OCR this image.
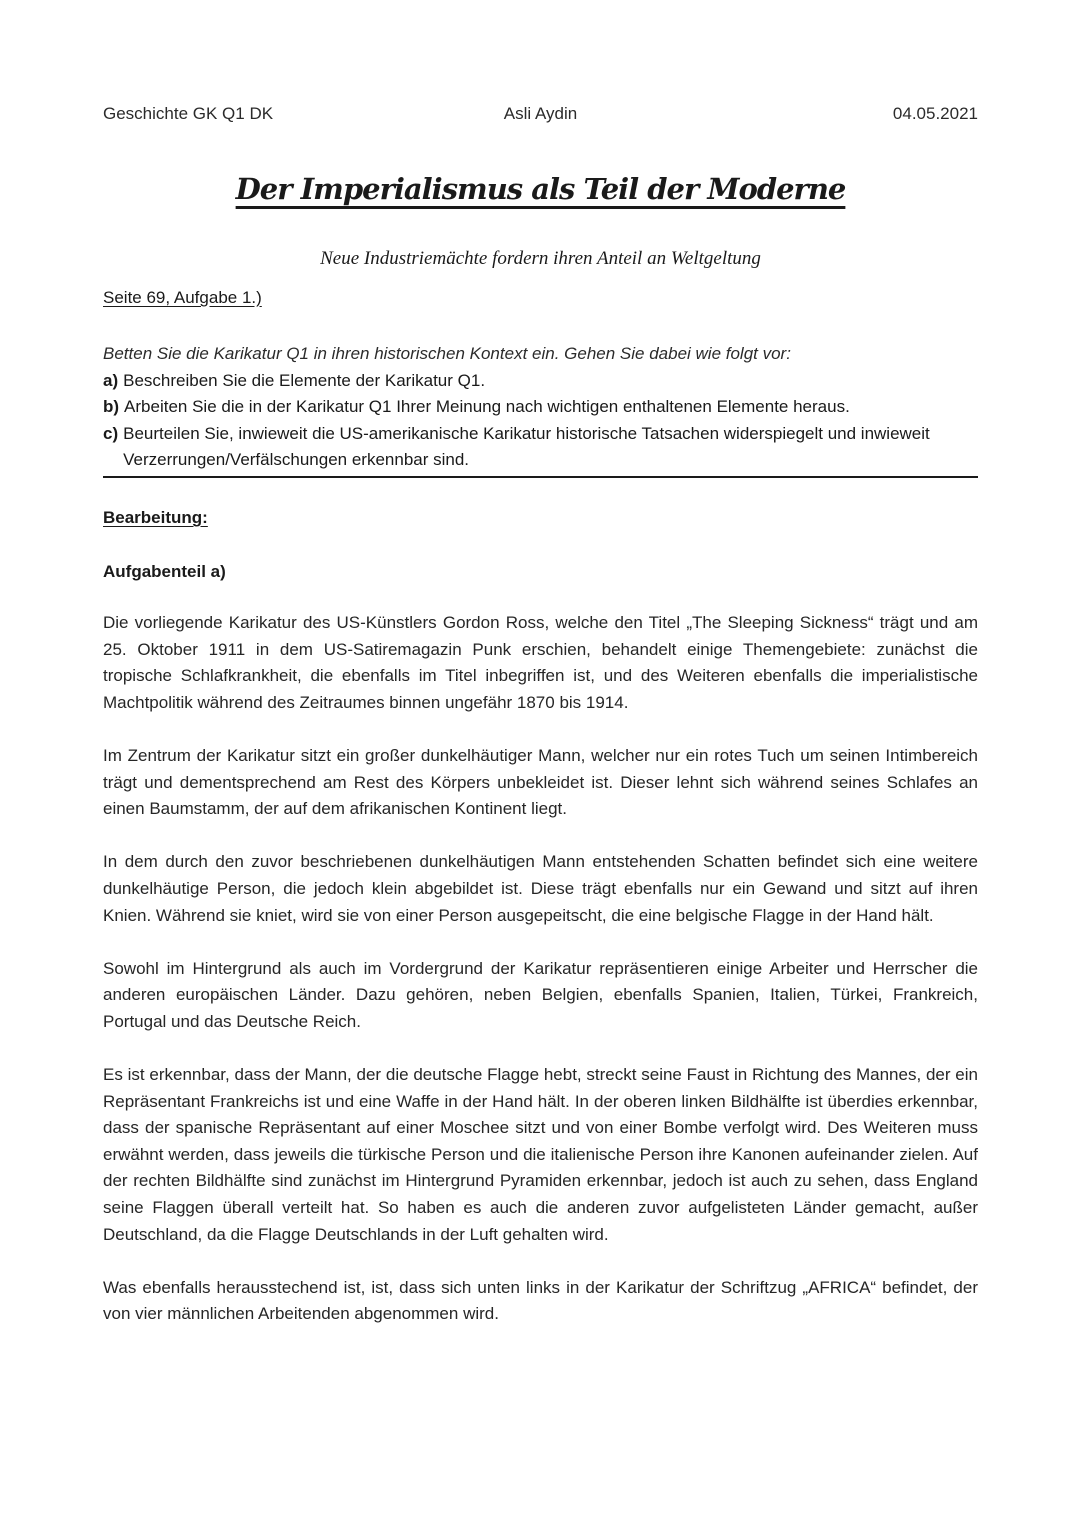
Geschichte GK Q1 DK	Asli Aydin	04.05.2021
Der Imperialismus als Teil der Moderne
Neue Industriemächte fordern ihren Anteil an Weltgeltung
Seite 69, Aufgabe 1.)
Betten Sie die Karikatur Q1 in ihren historischen Kontext ein. Gehen Sie dabei wie folgt vor:
a) Beschreiben Sie die Elemente der Karikatur Q1.
b) Arbeiten Sie die in der Karikatur Q1 Ihrer Meinung nach wichtigen enthaltenen Elemente heraus.
c) Beurteilen Sie, inwieweit die US-amerikanische Karikatur historische Tatsachen widerspiegelt und inwieweit Verzerrungen/Verfälschungen erkennbar sind.
Bearbeitung:
Aufgabenteil a)

Die vorliegende Karikatur des US-Künstlers Gordon Ross, welche den Titel „The Sleeping Sickness“ trägt und am 25. Oktober 1911 in dem US-Satiremagazin Punk erschien, behandelt einige Themengebiete: zunächst die tropische Schlafkrankheit, die ebenfalls im Titel inbegriffen ist, und des Weiteren ebenfalls die imperialistische Machtpolitik während des Zeitraumes binnen ungefähr 1870 bis 1914.

Im Zentrum der Karikatur sitzt ein großer dunkelhäutiger Mann, welcher nur ein rotes Tuch um seinen Intimbereich trägt und dementsprechend am Rest des Körpers unbekleidet ist. Dieser lehnt sich während seines Schlafes an einen Baumstamm, der auf dem afrikanischen Kontinent liegt.

In dem durch den zuvor beschriebenen dunkelhäutigen Mann entstehenden Schatten befindet sich eine weitere dunkelhäutige Person, die jedoch klein abgebildet ist. Diese trägt ebenfalls nur ein Gewand und sitzt auf ihren Knien. Während sie kniet, wird sie von einer Person ausgepeitscht, die eine belgische Flagge in der Hand hält.

Sowohl im Hintergrund als auch im Vordergrund der Karikatur repräsentieren einige Arbeiter und Herrscher die anderen europäischen Länder. Dazu gehören, neben Belgien, ebenfalls Spanien, Italien, Türkei, Frankreich, Portugal und das Deutsche Reich.

Es ist erkennbar, dass der Mann, der die deutsche Flagge hebt, streckt seine Faust in Richtung des Mannes, der ein Repräsentant Frankreichs ist und eine Waffe in der Hand hält. In der oberen linken Bildhälfte ist überdies erkennbar, dass der spanische Repräsentant auf einer Moschee sitzt und von einer Bombe verfolgt wird. Des Weiteren muss erwähnt werden, dass jeweils die türkische Person und die italienische Person ihre Kanonen aufeinander zielen. Auf der rechten Bildhälfte sind zunächst im Hintergrund Pyramiden erkennbar, jedoch ist auch zu sehen, dass England seine Flaggen überall verteilt hat. So haben es auch die anderen zuvor aufgelisteten Länder gemacht, außer Deutschland, da die Flagge Deutschlands in der Luft gehalten wird.

Was ebenfalls herausstechend ist, ist, dass sich unten links in der Karikatur der Schriftzug „AFRICA“ befindet, der von vier männlichen Arbeitenden abgenommen wird.
